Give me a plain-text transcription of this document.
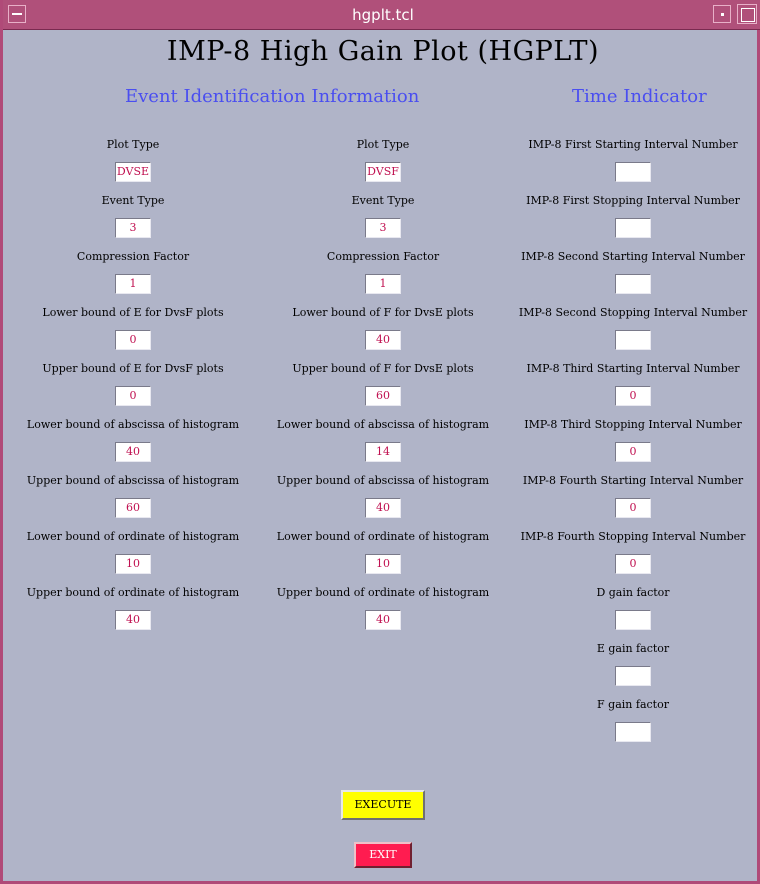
hgplt.tcl
IMP-8 High Gain Plot (HGPLT)
Event Identification Information	Time Indicator
Plot Type
DVSE
Event Type
3
Compression Factor
1
Lower bound of E for DvsF plots
0
Upper bound of E for DvsF plots
0
Lower bound of abscissa of histogram
40
Upper bound of abscissa of histogram
60
Lower bound of ordinate of histogram
10
Upper bound of ordinate of histogram
40
Plot Type
DVSF
Event Type
3
Compression Factor
1
Lower bound of F for DvsE plots
40
Upper bound of F for DvsE plots
60
Lower bound of abscissa of histogram
14
Upper bound of abscissa of histogram
40
Lower bound of ordinate of histogram
10
Upper bound of ordinate of histogram
40
IMP-8 First Starting Interval Number
IMP-8 First Stopping Interval Number
IMP-8 Second Starting Interval Number
IMP-8 Second Stopping Interval Number
IMP-8 Third Starting Interval Number
0
IMP-8 Third Stopping Interval Number
0
IMP-8 Fourth Starting Interval Number
0
IMP-8 Fourth Stopping Interval Number
0
D gain factor
E gain factor
F gain factor
EXECUTE
EXIT
